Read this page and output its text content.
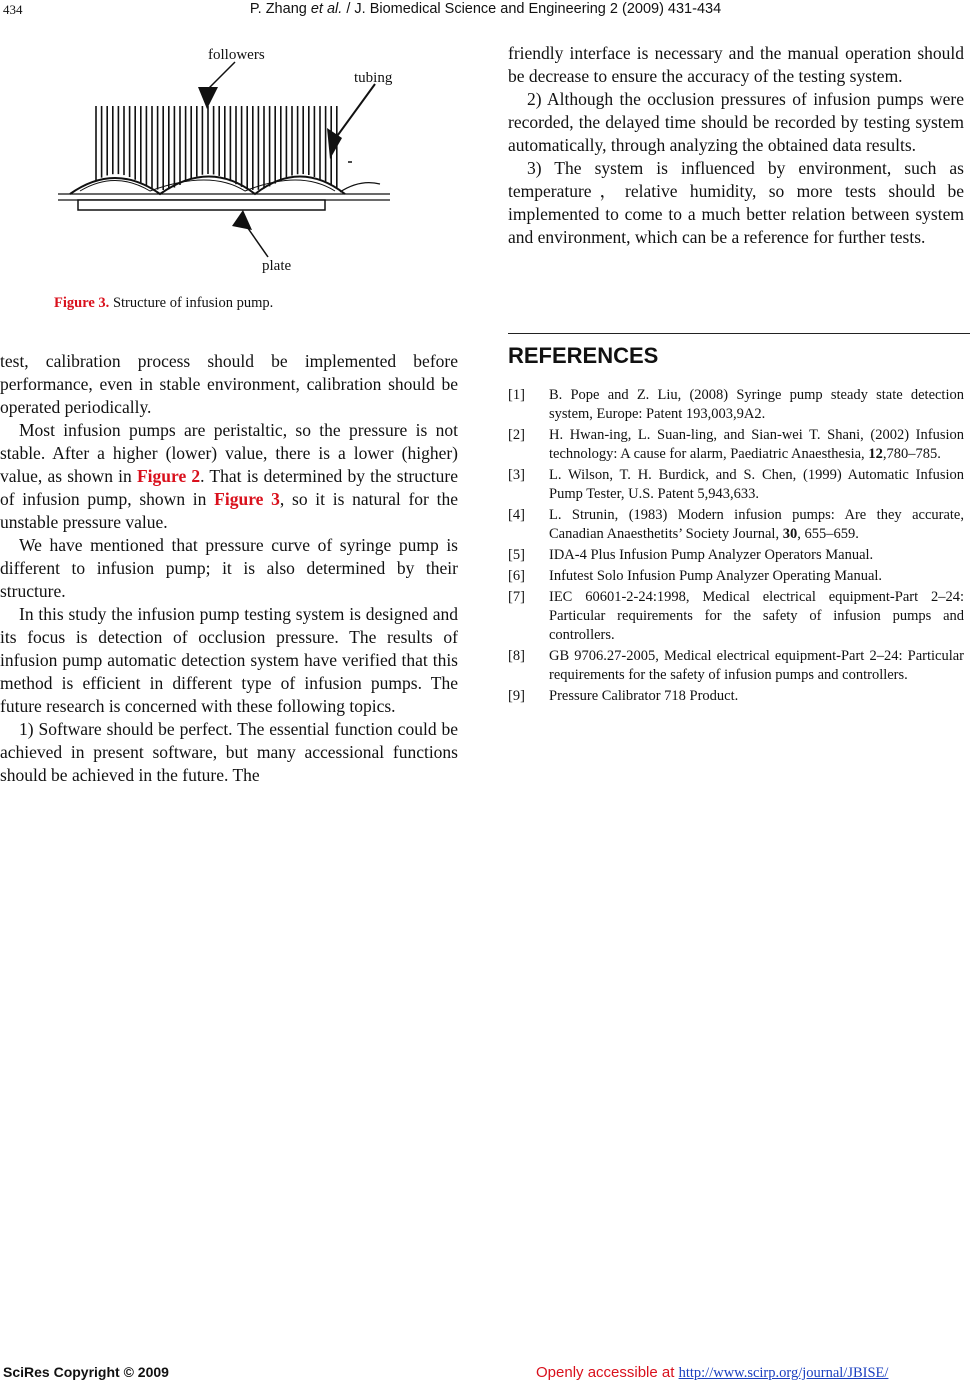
434	P. Zhang et al. / J. Biomedical Science and Engineering 2 (2009) 431-434
followers
tubing
plate
Figure 3. Structure of infusion pump.

test, calibration process should be implemented before performance, even in stable environment, calibration should be operated periodically.

Most infusion pumps are peristaltic, so the pressure is not stable. After a higher (lower) value, there is a lower (higher) value, as shown in Figure 2. That is determined by the structure of infusion pump, shown in Figure 3, so it is natural for the unstable pressure value.

We have mentioned that pressure curve of syringe pump is different to infusion pump; it is also determined by their structure.

In this study the infusion pump testing system is designed and its focus is detection of occlusion pressure. The results of infusion pump automatic detection system have verified that this method is efficient in different type of infusion pumps. The future research is concerned with these following topics.

1) Software should be perfect. The essential function could be achieved in present software, but many accessional functions should be achieved in the future. The

friendly interface is necessary and the manual operation should be decrease to ensure the accuracy of the testing system.

2) Although the occlusion pressures of infusion pumps were recorded, the delayed time should be recorded by testing system automatically, through analyzing the obtained data results.

3) The system is influenced by environment, such as temperature，relative humidity, so more tests should be implemented to come to a much better relation between system and environment, which can be a reference for further tests.

REFERENCES
[1] B. Pope and Z. Liu, (2008) Syringe pump steady state detection system, Europe: Patent 193,003,9A2.
[2] H. Hwan-ing, L. Suan-ling, and Sian-wei T. Shani, (2002) Infusion technology: A cause for alarm, Paediatric Anaesthesia, 12,780–785.
[3] L. Wilson, T. H. Burdick, and S. Chen, (1999) Automatic Infusion Pump Tester, U.S. Patent 5,943,633.
[4] L. Strunin, (1983) Modern infusion pumps: Are they accurate, Canadian Anaesthetits’ Society Journal, 30, 655–659.
[5] IDA-4 Plus Infusion Pump Analyzer Operators Manual.
[6] Infutest Solo Infusion Pump Analyzer Operating Manual.
[7] IEC 60601-2-24:1998, Medical electrical equipment-Part 2–24: Particular requirements for the safety of infusion pumps and controllers.
[8] GB 9706.27-2005, Medical electrical equipment-Part 2–24: Particular requirements for the safety of infusion pumps and controllers.
[9] Pressure Calibrator 718 Product.
SciRes Copyright © 2009	Openly accessible at http://www.scirp.org/journal/JBISE/
